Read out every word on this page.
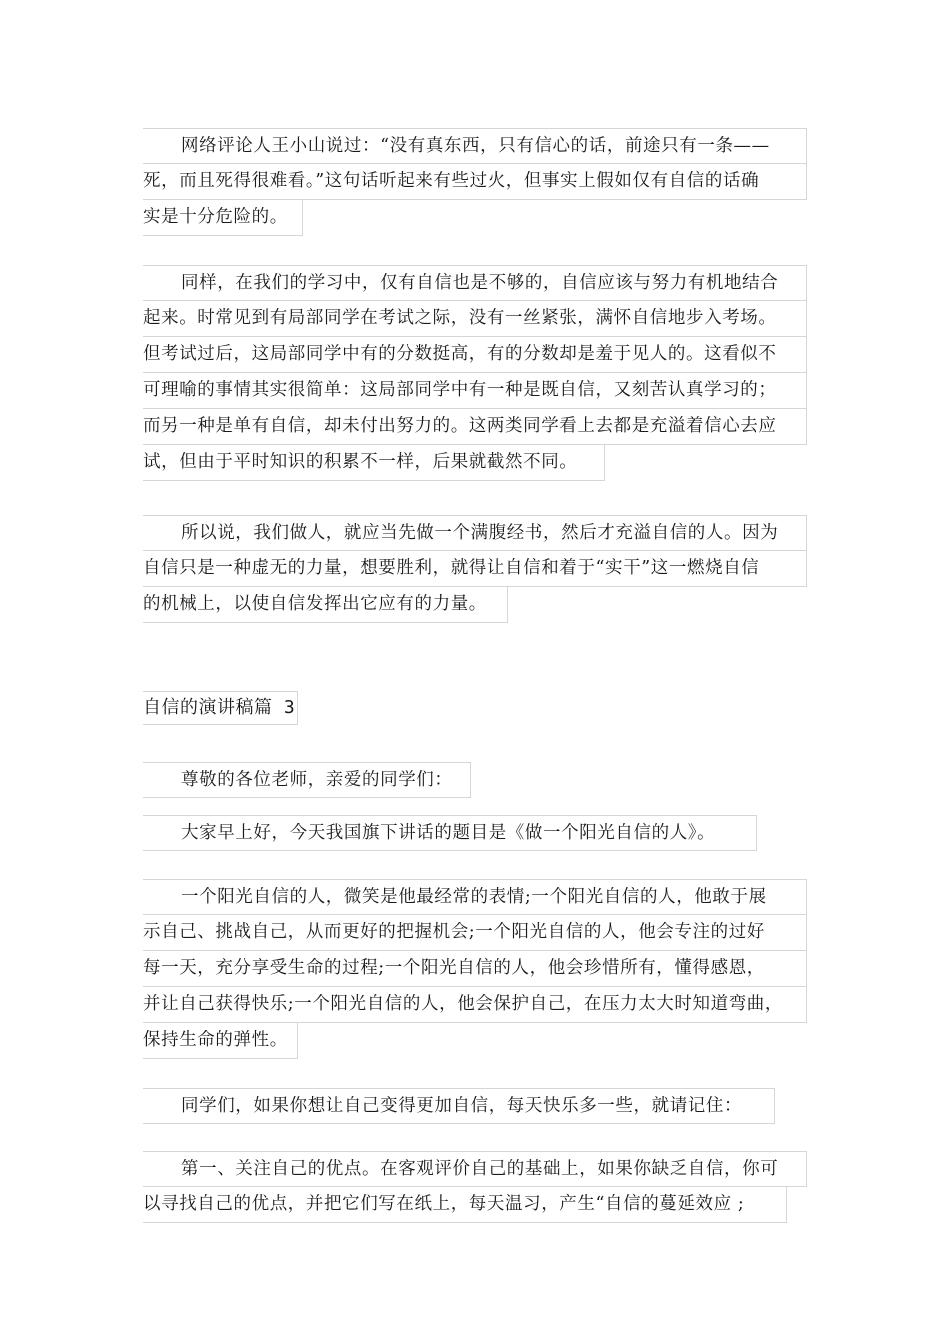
网络评论人王小山说过：“没有真东西，只有信心的话，前途只有一条——
死，而且死得很难看。”这句话听起来有些过火，但事实上假如仅有自信的话确
实是十分危险的。
同样，在我们的学习中，仅有自信也是不够的，自信应该与努力有机地结合
起来。时常见到有局部同学在考试之际，没有一丝紧张，满怀自信地步入考场。
但考试过后，这局部同学中有的分数挺高，有的分数却是羞于见人的。这看似不
可理喻的事情其实很简单：这局部同学中有一种是既自信，又刻苦认真学习的；
而另一种是单有自信，却未付出努力的。这两类同学看上去都是充溢着信心去应
试，但由于平时知识的积累不一样，后果就截然不同。
所以说，我们做人，就应当先做一个满腹经书，然后才充溢自信的人。因为
自信只是一种虚无的力量，想要胜利，就得让自信和着于“实干”这一燃烧自信
的机械上，以使自信发挥出它应有的力量。
自信的演讲稿篇 3
尊敬的各位老师，亲爱的同学们：
大家早上好，今天我国旗下讲话的题目是《做一个阳光自信的人》。
一个阳光自信的人，微笑是他最经常的表情;一个阳光自信的人，他敢于展
示自己、挑战自己，从而更好的把握机会;一个阳光自信的人，他会专注的过好
每一天，充分享受生命的过程;一个阳光自信的人，他会珍惜所有，懂得感恩，
并让自己获得快乐;一个阳光自信的人，他会保护自己，在压力太大时知道弯曲，
保持生命的弹性。
同学们，如果你想让自己变得更加自信，每天快乐多一些，就请记住：
第一、关注自己的优点。在客观评价自己的基础上，如果你缺乏自信，你可
以寻找自己的优点，并把它们写在纸上，每天温习，产生“自信的蔓延效应 ;
